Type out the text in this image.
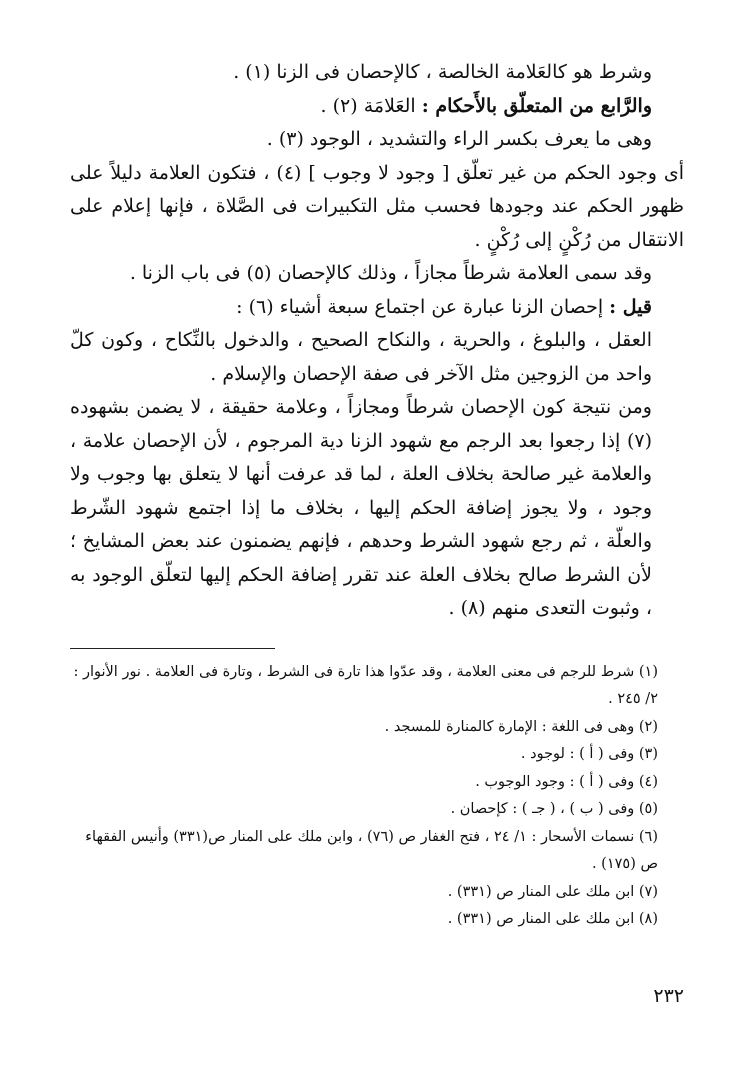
وشرط هو كالعَلامة الخالصة ، كالإحصان فى الزنا (١) .

والرَّابع من المتعلّق بالأَحكام : العَلامَة (٢) .

وهى ما يعرف بكسر الراء والتشديد ، الوجود (٣) .

أى وجود الحكم من غير تعلّق [ وجود لا وجوب ] (٤) ، فتكون العلامة دليلاً على ظهور الحكم عند وجودها فحسب مثل التكبيرات فى الصَّلاة ، فإنها إعلام على الانتقال من رُكْنٍ إلى رُكْنٍ .

وقد سمى العلامة شرطاً مجازاً ، وذلك كالإحصان (٥) فى باب الزنا .

قيل : إحصان الزنا عبارة عن اجتماع سبعة أشياء (٦) :

العقل ، والبلوغ ، والحرية ، والنكاح الصحيح ، والدخول بالنِّكاح ، وكون كلّ واحد من الزوجين مثل الآخر فى صفة الإحصان والإسلام .

ومن نتيجة كون الإحصان شرطاً ومجازاً ، وعلامة حقيقة ، لا يضمن بشهوده (٧) إذا رجعوا بعد الرجم مع شهود الزنا دية المرجوم ، لأن الإحصان علامة ، والعلامة غير صالحة بخلاف العلة ، لما قد عرفت أنها لا يتعلق بها وجوب ولا وجود ، ولا يجوز إضافة الحكم إليها ، بخلاف ما إذا اجتمع شهود الشّرط والعلّة ، ثم رجع شهود الشرط وحدهم ، فإنهم يضمنون عند بعض المشايخ ؛ لأن الشرط صالح بخلاف العلة عند تقرر إضافة الحكم إليها لتعلّق الوجود به ، وثبوت التعدى منهم (٨) .

(١) شرط للرجم فى معنى العلامة ، وقد عدّوا هذا تارة فى الشرط ، وتارة فى العلامة . نور الأنوار : ٢/ ٢٤٥ .

(٢) وهى فى اللغة : الإمارة كالمنارة للمسجد .

(٣) وفى ( أ ) : لوجود .

(٤) وفى ( أ ) : وجود الوجوب .

(٥) وفى ( ب ) ، ( جـ ) : كإحصان .

(٦) نسمات الأسحار : ١/ ٢٤ ، فتح الغفار ص (٧٦) ، وابن ملك على المنار ص(٣٣١) وأنيس الفقهاء ص (١٧٥) .

(٧) ابن ملك على المنار ص (٣٣١) .

(٨) ابن ملك على المنار ص (٣٣١) .

٢٣٢
